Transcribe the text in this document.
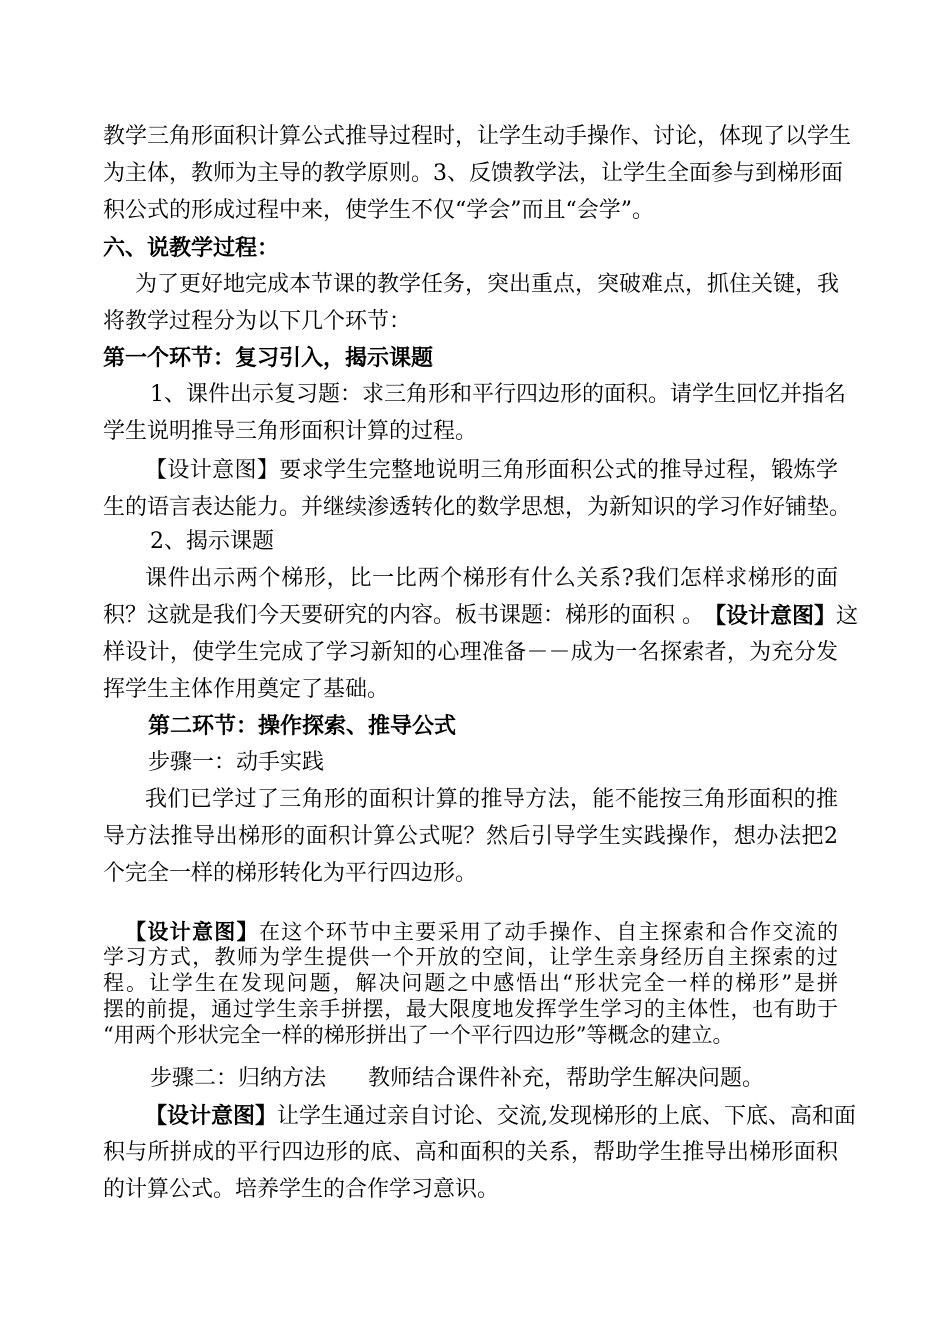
教学三角形面积计算公式推导过程时，让学生动手操作、讨论，体现了以学生
为主体，教师为主导的教学原则。3、反馈教学法，让学生全面参与到梯形面
积公式的形成过程中来，使学生不仅“学会”而且“会学”。
六、说教学过程：
为了更好地完成本节课的教学任务，突出重点，突破难点，抓住关键，我
将教学过程分为以下几个环节：
第一个环节：复习引入，揭示课题
1、课件出示复习题：求三角形和平行四边形的面积。请学生回忆并指名
学生说明推导三角形面积计算的过程。
【设计意图】要求学生完整地说明三角形面积公式的推导过程，锻炼学
生的语言表达能力。并继续渗透转化的数学思想，为新知识的学习作好铺垫。
2、揭示课题
课件出示两个梯形，比一比两个梯形有什么关系?我们怎样求梯形的面
积？这就是我们今天要研究的内容。板书课题：梯形的面积 。 【设计意图】这
样设计，使学生完成了学习新知的心理准备－－成为一名探索者，为充分发
挥学生主体作用奠定了基础。
第二环节：操作探索、推导公式
步骤一：动手实践
我们已学过了三角形的面积计算的推导方法，能不能按三角形面积的推
导方法推导出梯形的面积计算公式呢？然后引导学生实践操作，想办法把2
个完全一样的梯形转化为平行四边形。
【设计意图】在这个环节中主要采用了动手操作、自主探索和合作交流的
学习方式，教师为学生提供一个开放的空间，让学生亲身经历自主探索的过
程。让学生在发现问题，解决问题之中感悟出“形状完全一样的梯形”是拼
摆的前提，通过学生亲手拼摆，最大限度地发挥学生学习的主体性，也有助于
“用两个形状完全一样的梯形拼出了一个平行四边形”等概念的建立。
步骤二：归纳方法      教师结合课件补充，帮助学生解决问题。
【设计意图】让学生通过亲自讨论、交流,发现梯形的上底、下底、高和面
积与所拼成的平行四边形的底、高和面积的关系，帮助学生推导出梯形面积
的计算公式。培养学生的合作学习意识。
